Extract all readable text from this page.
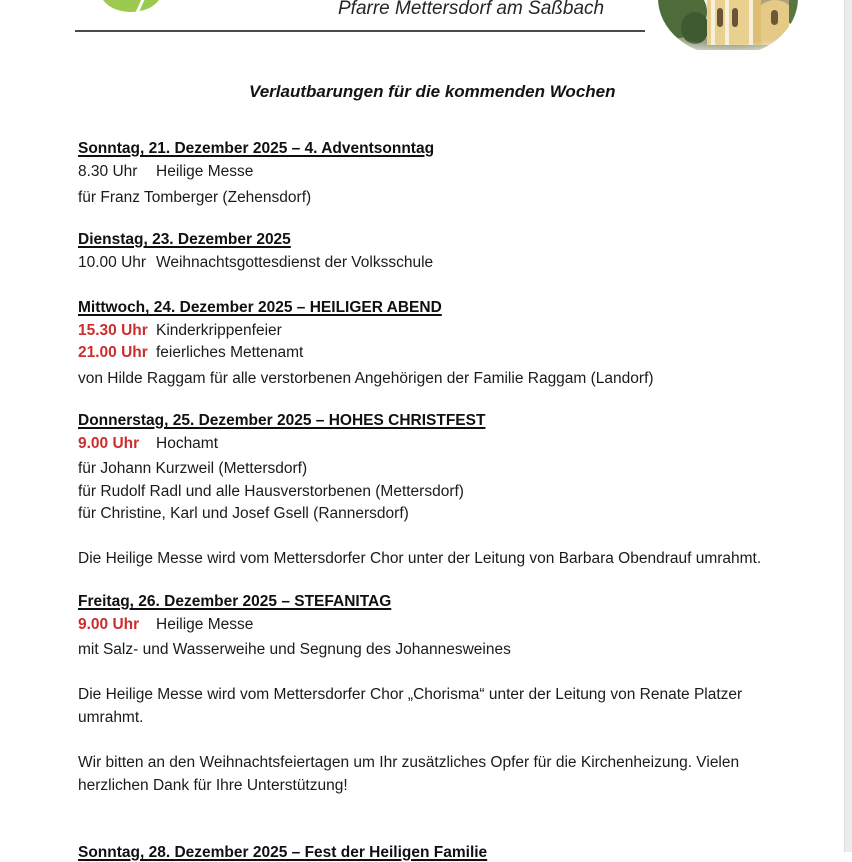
Pfarre Mettersdorf am Saßbach
Verlautbarungen für die kommenden Wochen
Sonntag, 21. Dezember 2025 – 4. Adventsonntag
8.30 Uhr	Heilige Messe
für Franz Tomberger (Zehensdorf)
Dienstag, 23. Dezember 2025
10.00 Uhr Weihnachtsgottesdienst der Volksschule
Mittwoch, 24. Dezember 2025 – HEILIGER ABEND
15.30 Uhr Kinderkrippenfeier
21.00 Uhr feierliches Mettenamt
von Hilde Raggam für alle verstorbenen Angehörigen der Familie Raggam (Landorf)
Donnerstag, 25. Dezember 2025 – HOHES CHRISTFEST
9.00 Uhr	Hochamt
für Johann Kurzweil (Mettersdorf)
für Rudolf Radl und alle Hausverstorbenen (Mettersdorf)
für Christine, Karl und Josef Gsell (Rannersdorf)
Die Heilige Messe wird vom Mettersdorfer Chor unter der Leitung von Barbara Obendrauf umrahmt.
Freitag, 26. Dezember 2025 – STEFANITAG
9.00 Uhr	Heilige Messe
mit Salz- und Wasserweihe und Segnung des Johannesweines
Die Heilige Messe wird vom Mettersdorfer Chor „Chorisma“ unter der Leitung von Renate Platzer
umrahmt.
Wir bitten an den Weihnachtsfeiertagen um Ihr zusätzliches Opfer für die Kirchenheizung. Vielen
herzlichen Dank für Ihre Unterstützung!
Sonntag, 28. Dezember 2025 – Fest der Heiligen Familie
